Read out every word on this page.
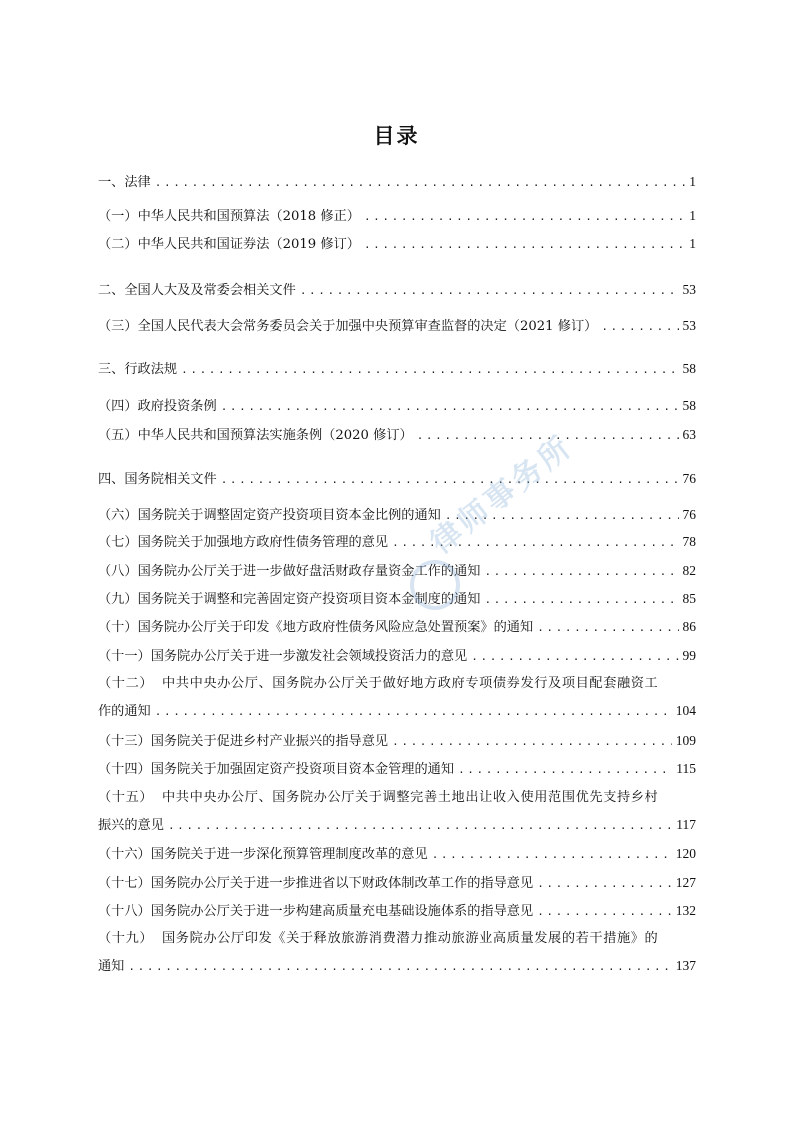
目录
一、 法律 .....	1
（一） 中华人民共和国预算法（2018 修正） .....	1
（二） 中华人民共和国证券法（2019 修订） .....	1
二、 全国人大及及常委会相关文件 .....	53
（三） 全国人民代表大会常务委员会关于加强中央预算审查监督的决定（2021 修订） .....	53
三、 行政法规 .....	58
（四） 政府投资条例 .....	58
（五） 中华人民共和国预算法实施条例（2020 修订） .....	63
四、 国务院相关文件 .....	76
（六） 国务院关于调整固定资产投资项目资本金比例的通知 .....	76
（七） 国务院关于加强地方政府性债务管理的意见 .....	78
（八） 国务院办公厅关于进一步做好盘活财政存量资金工作的通知 .....	82
（九） 国务院关于调整和完善固定资产投资项目资本金制度的通知 .....	85
（十） 国务院办公厅关于印发《地方政府性债务风险应急处置预案》的通知 .....	86
（十一） 国务院办公厅关于进一步激发社会领域投资活力的意见 .....	99
（十二） 中共中央办公厅、国务院办公厅关于做好地方政府专项债券发行及项目配套融资工
作的通知 .....	104
（十三） 国务院关于促进乡村产业振兴的指导意见 .....	109
（十四） 国务院关于加强固定资产投资项目资本金管理的通知 .....	115
（十五） 中共中央办公厅、国务院办公厅关于调整完善土地出让收入使用范围优先支持乡村
振兴的意见 .....	117
（十六） 国务院关于进一步深化预算管理制度改革的意见 .....	120
（十七） 国务院办公厅关于进一步推进省以下财政体制改革工作的指导意见 .....	127
（十八） 国务院办公厅关于进一步构建高质量充电基础设施体系的指导意见 .....	132
（十九） 国务院办公厅印发《关于释放旅游消费潜力推动旅游业高质量发展的若干措施》的
通知 .....	137
律师事务所
